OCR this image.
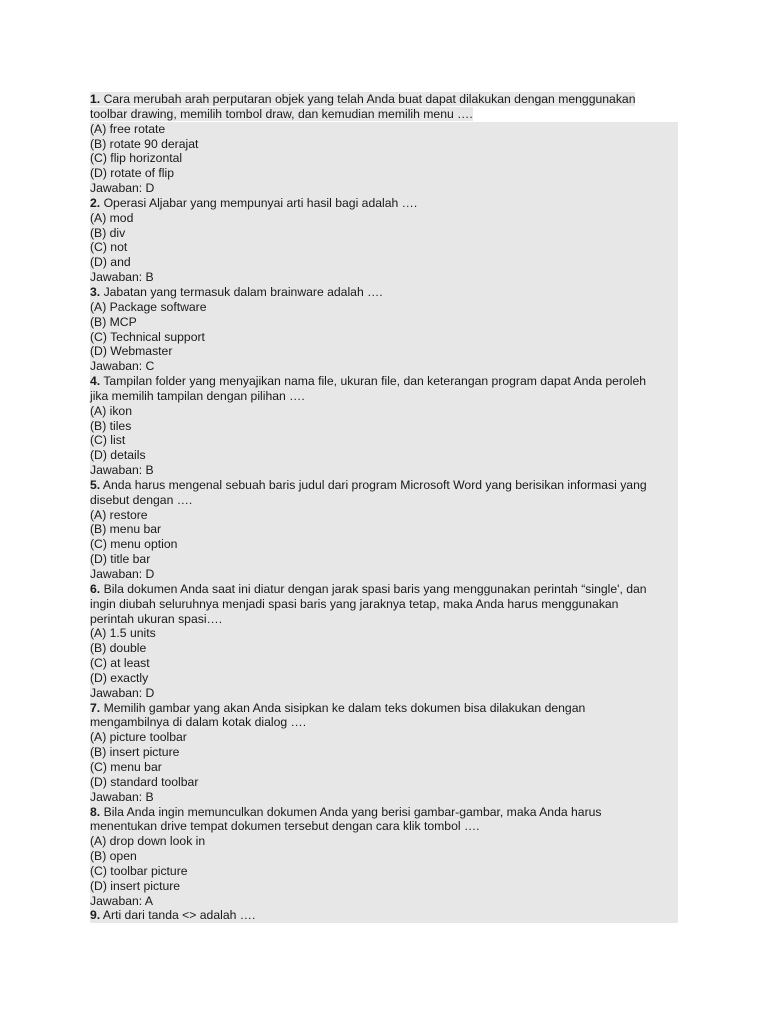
1. Cara merubah arah perputaran objek yang telah Anda buat dapat dilakukan dengan menggunakan
toolbar drawing, memilih tombol draw, dan kemudian memilih menu ….
(A) free rotate
(B) rotate 90 derajat
(C) flip horizontal
(D) rotate of flip
Jawaban: D
2. Operasi Aljabar yang mempunyai arti hasil bagi adalah ….
(A) mod
(B) div
(C) not
(D) and
Jawaban: B
3. Jabatan yang termasuk dalam brainware adalah ….
(A) Package software
(B) MCP
(C) Technical support
(D) Webmaster
Jawaban: C
4. Tampilan folder yang menyajikan nama file, ukuran file, dan keterangan program dapat Anda peroleh
jika memilih tampilan dengan pilihan ….
(A) ikon
(B) tiles
(C) list
(D) details
Jawaban: B
5. Anda harus mengenal sebuah baris judul dari program Microsoft Word yang berisikan informasi yang
disebut dengan ….
(A) restore
(B) menu bar
(C) menu option
(D) title bar
Jawaban: D
6. Bila dokumen Anda saat ini diatur dengan jarak spasi baris yang menggunakan perintah “single', dan
ingin diubah seluruhnya menjadi spasi baris yang jaraknya tetap, maka Anda harus menggunakan
perintah ukuran spasi….
(A) 1.5 units
(B) double
(C) at least
(D) exactly
Jawaban: D
7. Memilih gambar yang akan Anda sisipkan ke dalam teks dokumen bisa dilakukan dengan
mengambilnya di dalam kotak dialog ….
(A) picture toolbar
(B) insert picture
(C) menu bar
(D) standard toolbar
Jawaban: B
8. Bila Anda ingin memunculkan dokumen Anda yang berisi gambar-gambar, maka Anda harus
menentukan drive tempat dokumen tersebut dengan cara klik tombol ….
(A) drop down look in
(B) open
(C) toolbar picture
(D) insert picture
Jawaban: A
9. Arti dari tanda <> adalah ….
